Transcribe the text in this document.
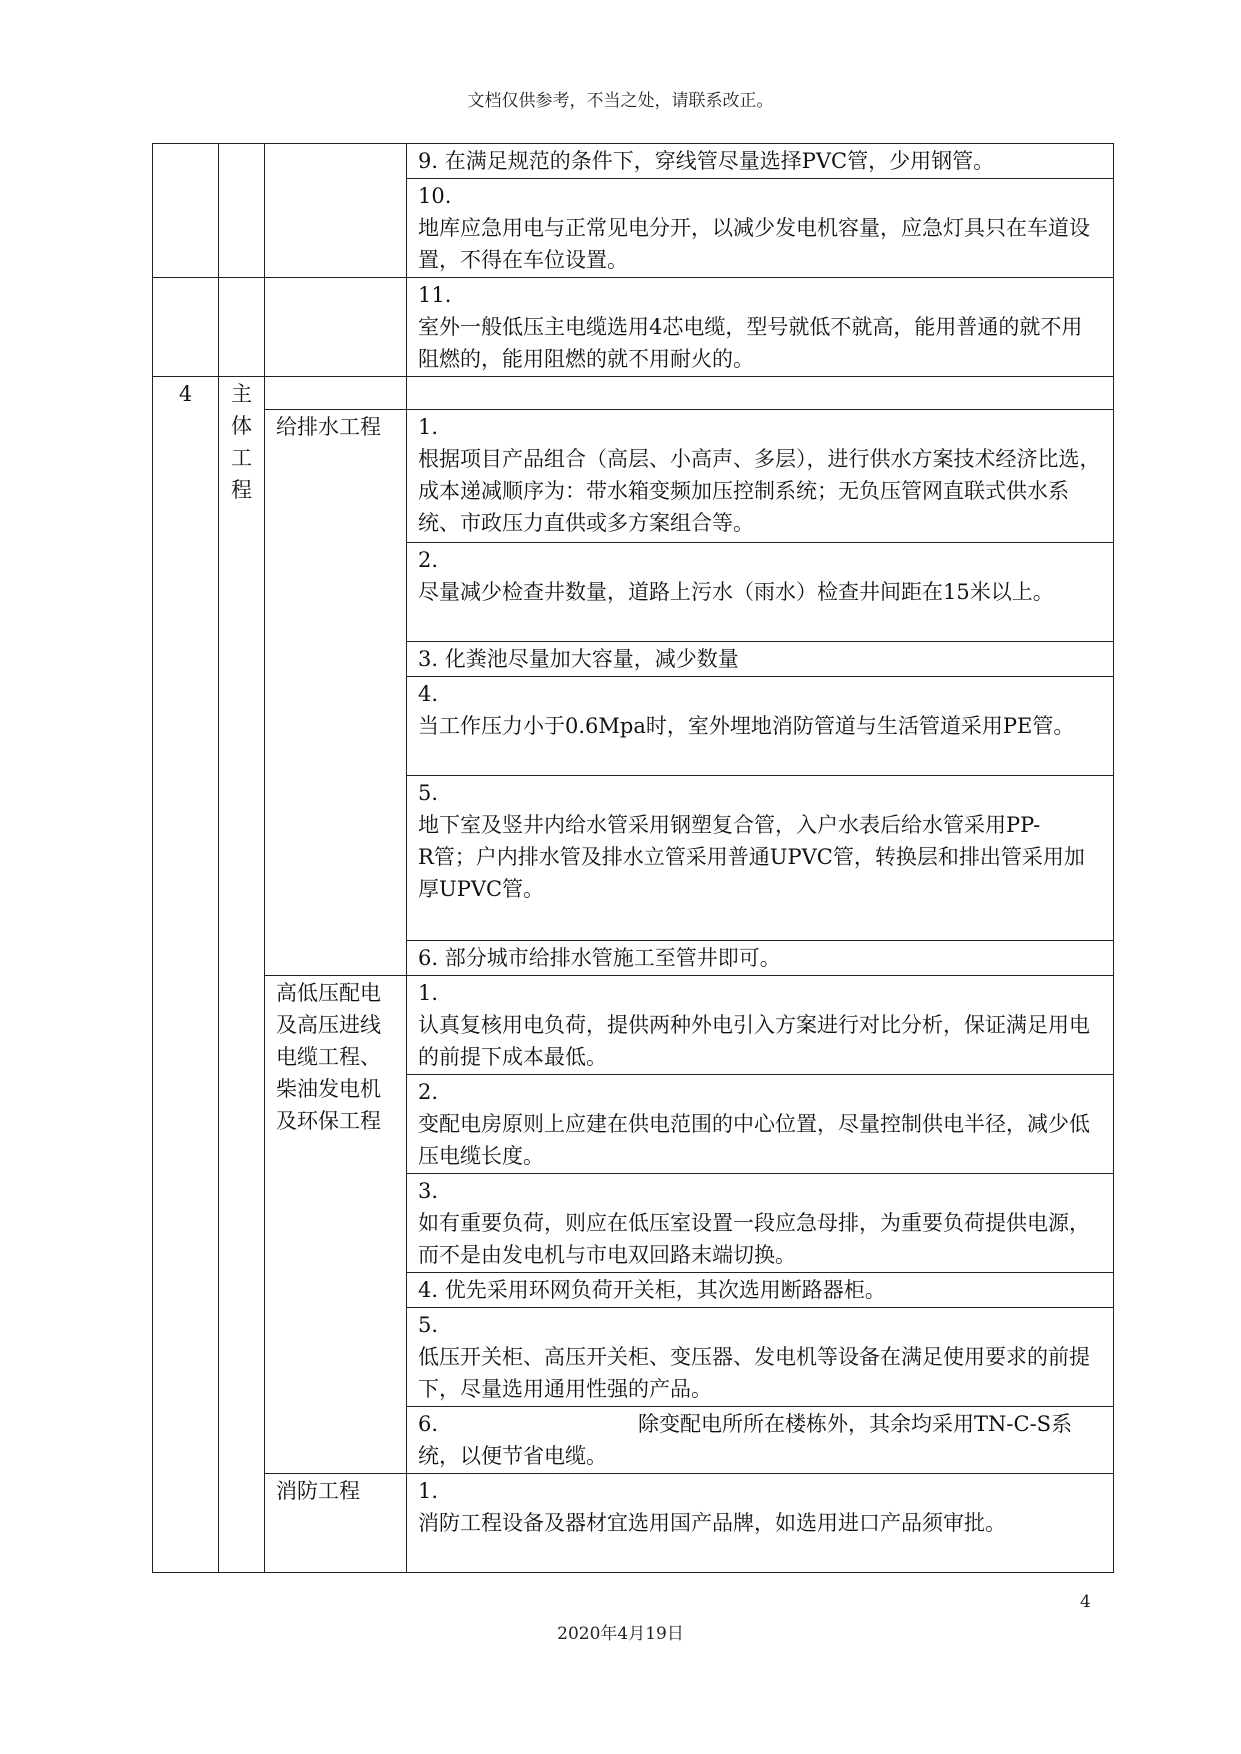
文档仅供参考，不当之处，请联系改正。
			9. 在满足规范的条件下，穿线管尽量选择PVC管，少用钢管。

			10.
地库应急用电与正常见电分开，以减少发电机容量，应急灯具只在车道设置，不得在车位设置。

			11.
室外一般低压主电缆选用4芯电缆，型号就低不就高，能用普通的就不用阻燃的，能用阻燃的就不用耐火的。
4	主体工程		

		给排水工程	1.
根据项目产品组合（高层、小高声、多层），进行供水方案技术经济比选，成本递减顺序为：带水箱变频加压控制系统；无负压管网直联式供水系统、市政压力直供或多方案组合等。

			2.
尽量减少检查井数量，道路上污水（雨水）检查井间距在15米以上。
			3. 化粪池尽量加大容量，减少数量

			4.
当工作压力小于0.6Mpa时，室外埋地消防管道与生活管道采用PE管。

			5.
地下室及竖井内给水管采用钢塑复合管，入户水表后给水管采用PP-
R管；户内排水管及排水立管采用普通UPVC管，转换层和排出管采用加厚UPVC管。
			6. 部分城市给排水管施工至管井即可。
		高低压配电及高压进线电缆工程、柴油发电机及环保工程	1.
认真复核用电负荷，提供两种外电引入方案进行对比分析，保证满足用电的前提下成本最低。

			2.
变配电房原则上应建在供电范围的中心位置，尽量控制供电半径，减少低压电缆长度。

			3.
如有重要负荷，则应在低压室设置一段应急母排，为重要负荷提供电源，而不是由发电机与市电双回路末端切换。
			4. 优先采用环网负荷开关柜，其次选用断路器柜。

			5.
低压开关柜、高压开关柜、变压器、发电机等设备在满足使用要求的前提下，尽量选用通用性强的产品。
			6. 除变配电所所在楼栋外，其余均采用TN-C-S系统，以便节省电缆。
		消防工程	1.
消防工程设备及器材宜选用国产品牌，如选用进口产品须审批。
4
2020年4月19日
